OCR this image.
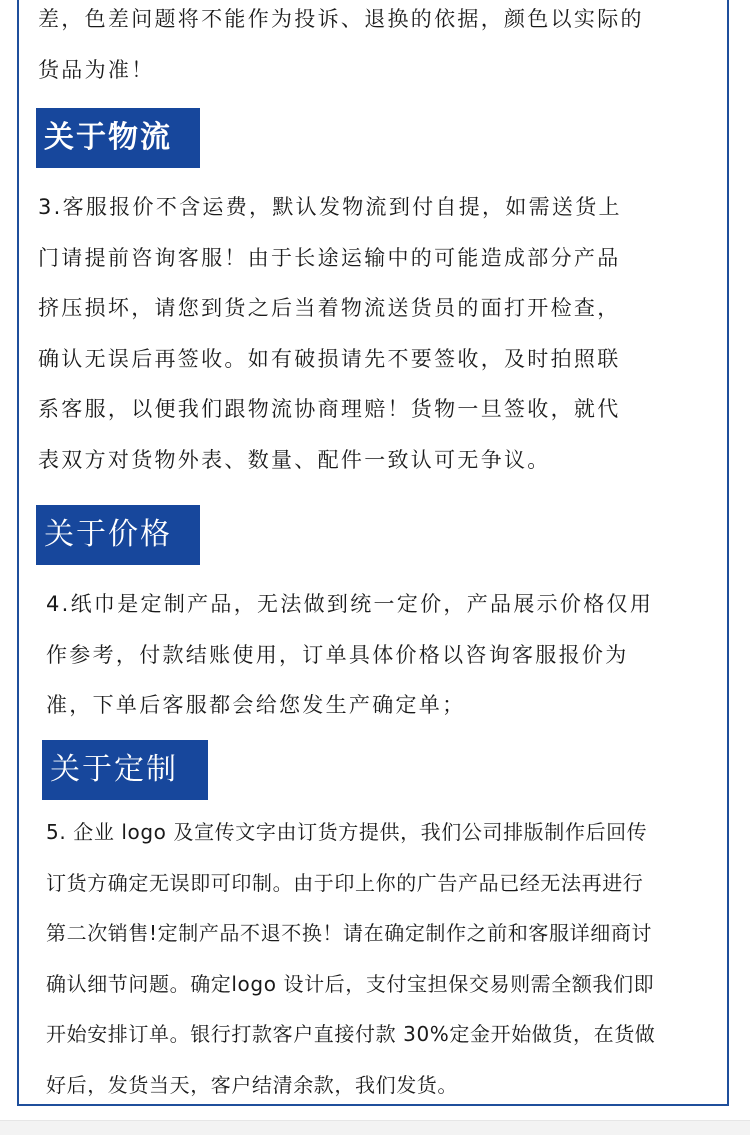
差，色差问题将不能作为投诉、退换的依据，颜色以实际的
货品为准！
关于物流
3.客服报价不含运费，默认发物流到付自提，如需送货上
门请提前咨询客服！由于长途运输中的可能造成部分产品
挤压损坏，请您到货之后当着物流送货员的面打开检查，
确认无误后再签收。如有破损请先不要签收，及时拍照联
系客服，以便我们跟物流协商理赔！货物一旦签收，就代
表双方对货物外表、数量、配件一致认可无争议。
关于价格
4.纸巾是定制产品，无法做到统一定价，产品展示价格仅用
作参考，付款结账使用，订单具体价格以咨询客服报价为
准，下单后客服都会给您发生产确定单；
关于定制
5. 企业 logo 及宣传文字由订货方提供，我们公司排版制作后回传
订货方确定无误即可印制。由于印上你的广告产品已经无法再进行
第二次销售!定制产品不退不换！请在确定制作之前和客服详细商讨
确认细节问题。确定logo 设计后，支付宝担保交易则需全额我们即
开始安排订单。银行打款客户直接付款 30%定金开始做货，在货做
好后，发货当天，客户结清余款，我们发货。
